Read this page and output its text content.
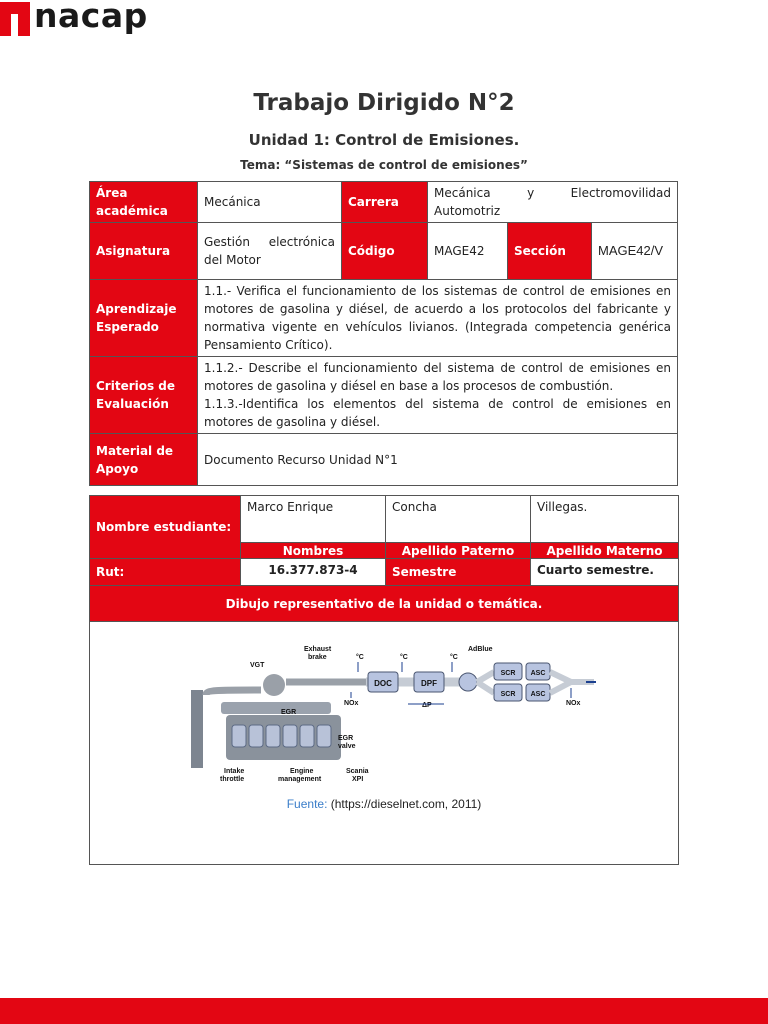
nacap
Trabajo Dirigido N°2
Unidad 1: Control de Emisiones.
Tema: “Sistemas de control de emisiones”
Área académica	Mecánica	Carrera	Mecánica y Electromovilidad Automotriz		
Asignatura	Gestión electrónica del Motor	Código	MAGE42	Sección	MAGE42/V
Aprendizaje Esperado	1.1.- Verifica el funcionamiento de los sistemas de control de emisiones en motores de gasolina y diésel, de acuerdo a los protocolos del fabricante y normativa vigente en vehículos livianos. (Integrada competencia genérica Pensamiento Crítico).				
Criterios de Evaluación	1.1.2.- Describe el funcionamiento del sistema de control de emisiones en motores de gasolina y diésel en base a los procesos de combustión.
1.1.3.-Identifica los elementos del sistema de control de emisiones en motores de gasolina y diésel.				

Material de Apoyo	Documento Recurso Unidad N°1				
Nombre estudiante:	Marco Enrique	Concha	Villegas.
	Nombres	Apellido Paterno	Apellido Materno
Rut:	16.377.873-4	Semestre	Cuarto semestre.
Dibujo representativo de la unidad o temática.			

DOC	DPF
SCR ASC
SCR ASC
Exhaust
brake
VGT
EGR
EGR
valve
Intake
throttle
Engine
management
Scania
XPI
°C	°C	°C
AdBlue
NOx	NOx
ΔP
Fuente: (https://dieselnet.com, 2011)
